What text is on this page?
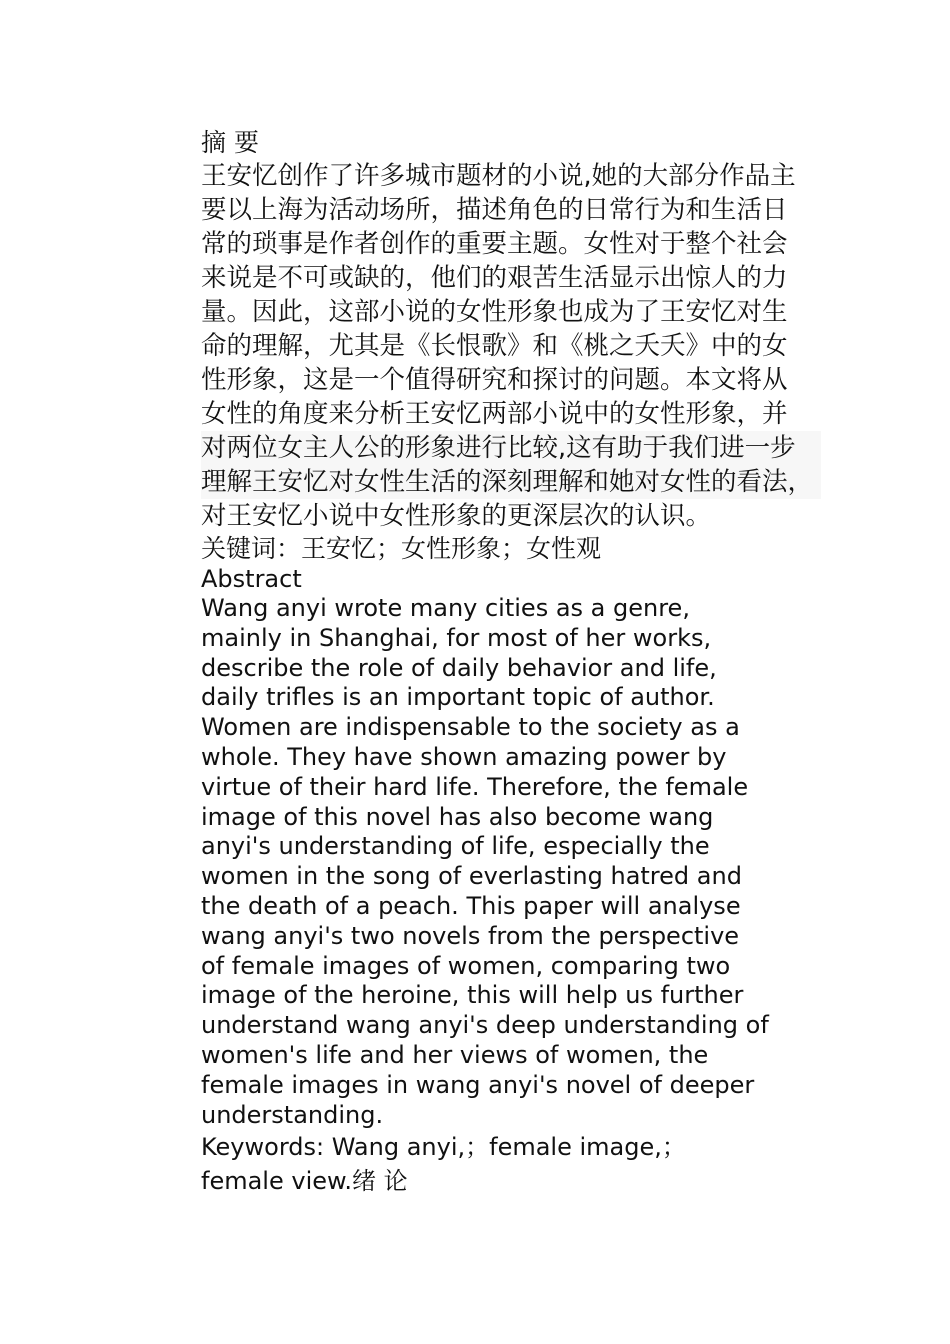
摘 要
王安忆创作了许多城市题材的小说,她的大部分作品主
要以上海为活动场所，描述角色的日常行为和生活日
常的琐事是作者创作的重要主题。女性对于整个社会
来说是不可或缺的，他们的艰苦生活显示出惊人的力
量。因此，这部小说的女性形象也成为了王安忆对生
命的理解，尤其是《长恨歌》和《桃之夭夭》中的女
性形象，这是一个值得研究和探讨的问题。本文将从
女性的角度来分析王安忆两部小说中的女性形象，并
对两位女主人公的形象进行比较,这有助于我们进一步
理解王安忆对女性生活的深刻理解和她对女性的看法，
对王安忆小说中女性形象的更深层次的认识。

关键词：王安忆；女性形象；女性观

Abstract
Wang anyi wrote many cities as a genre,
mainly in Shanghai, for most of her works,
describe the role of daily behavior and life,
daily trifles is an important topic of author.
Women are indispensable to the society as a
whole. They have shown amazing power by
virtue of their hard life. Therefore, the female
image of this novel has also become wang
anyi's understanding of life, especially the
women in the song of everlasting hatred and
the death of a peach. This paper will analyse
wang anyi's two novels from the perspective
of female images of women, comparing two
image of the heroine, this will help us further
understand wang anyi's deep understanding of
women's life and her views of women, the
female images in wang anyi's novel of deeper
understanding.
Keywords: Wang anyi,；female image,；
female view.绪 论
